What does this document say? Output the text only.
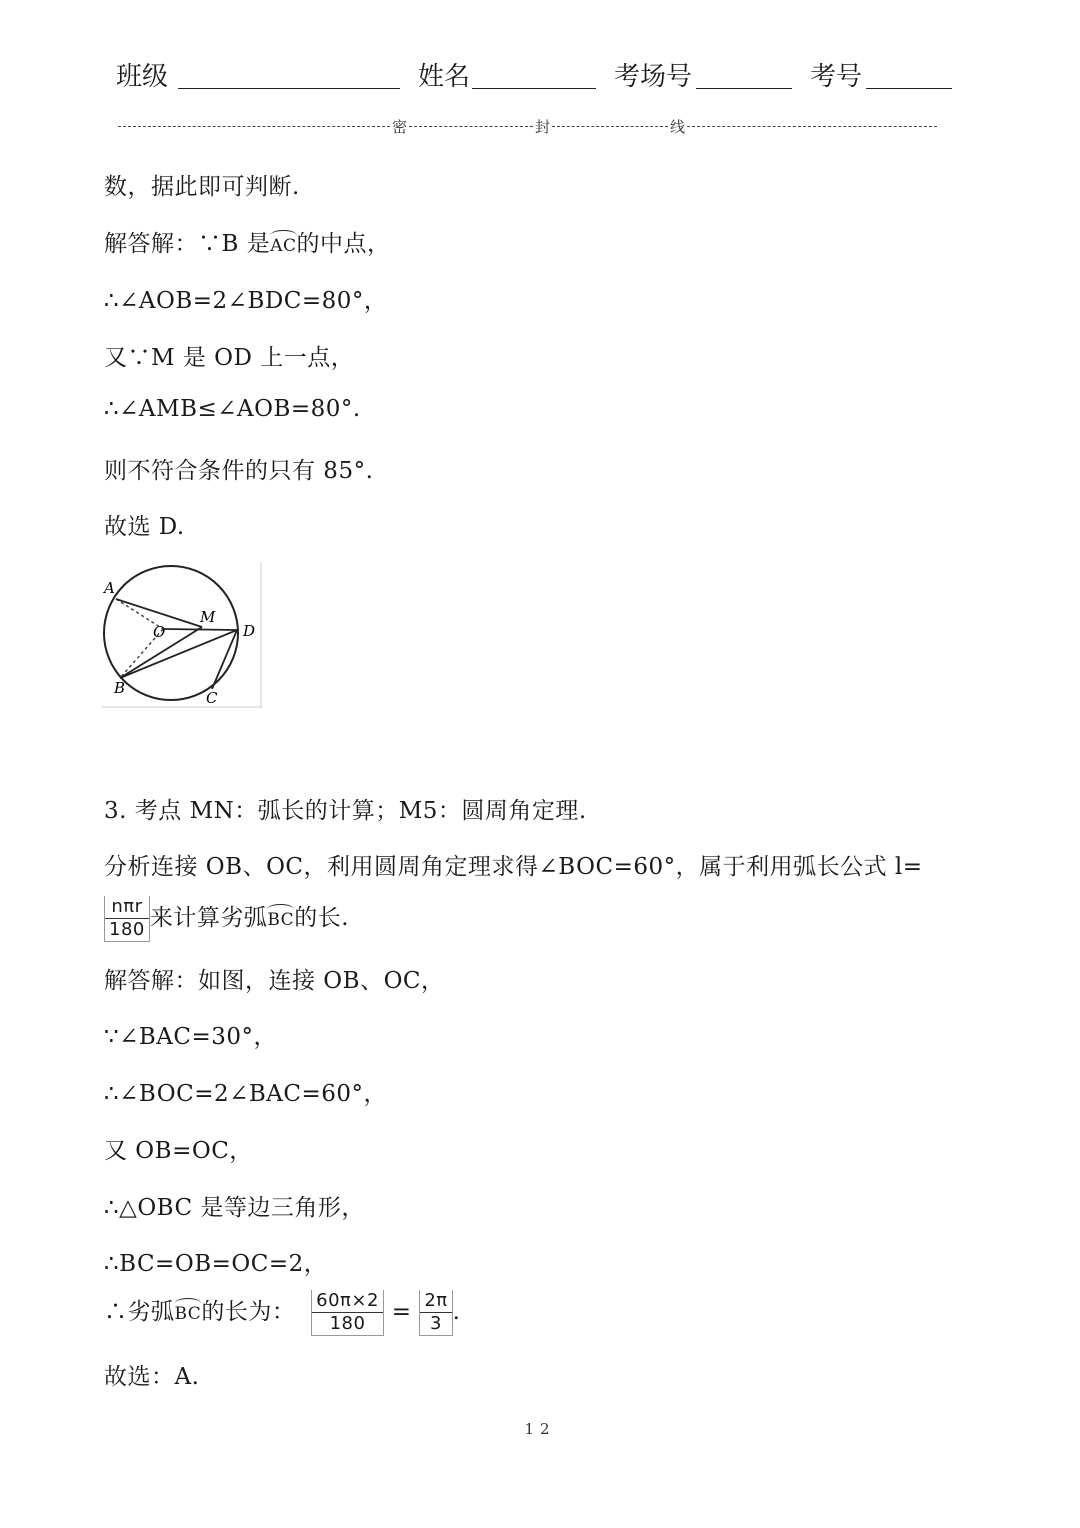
班级	姓名	考场号	考号
密	封	线
数，据此即可判断.
解答解：∵B 是AC的中点，
∴∠AOB=2∠BDC=80°，
又∵M 是 OD 上一点，
∴∠AMB≤∠AOB=80°.
则不符合条件的只有 85°.
故选 D.
A
B
C
D
O
M
3. 考点 MN：弧长的计算；M5：圆周角定理.
分析连接 OB、OC，利用圆周角定理求得∠BOC=60°，属于利用弧长公式 l=
$\frac{\text{nπr}}{180}$ 来计算劣弧BC的长.
解答解：如图，连接 OB、OC，
∵∠BAC=30°，
∴∠BOC=2∠BAC=60°，
又 OB=OC，
∴△OBC 是等边三角形，
∴BC=OB=OC=2，
∴劣弧BC的长为： $\frac{60\pi\times 2}{180} = \frac{2\pi}{3}$ .
故选：A.
12
